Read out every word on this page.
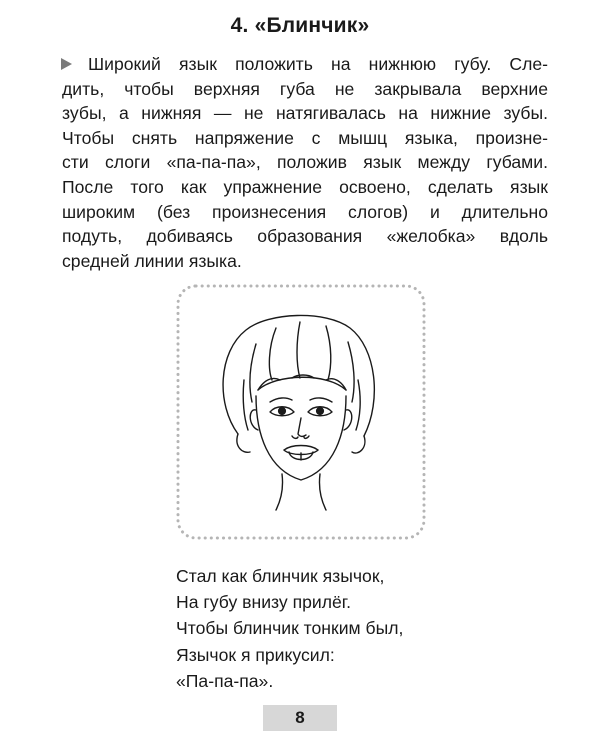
4. «Блинчик»
Широкий язык положить на нижнюю губу. Сле-
дить, чтобы верхняя губа не закрывала верхние
зубы, а нижняя — не натягивалась на нижние зубы.
Чтобы снять напряжение с мышц языка, произне-
сти слоги «па-па-па», положив язык между губами.
После того как упражнение освоено, сделать язык
широким (без произнесения слогов) и длительно
подуть, добиваясь образования «желобка» вдоль
средней линии языка.
Стал как блинчик язычок,
На губу внизу прилёг.
Чтобы блинчик тонким был,
Язычок я прикусил:
«Па-па-па».
8
